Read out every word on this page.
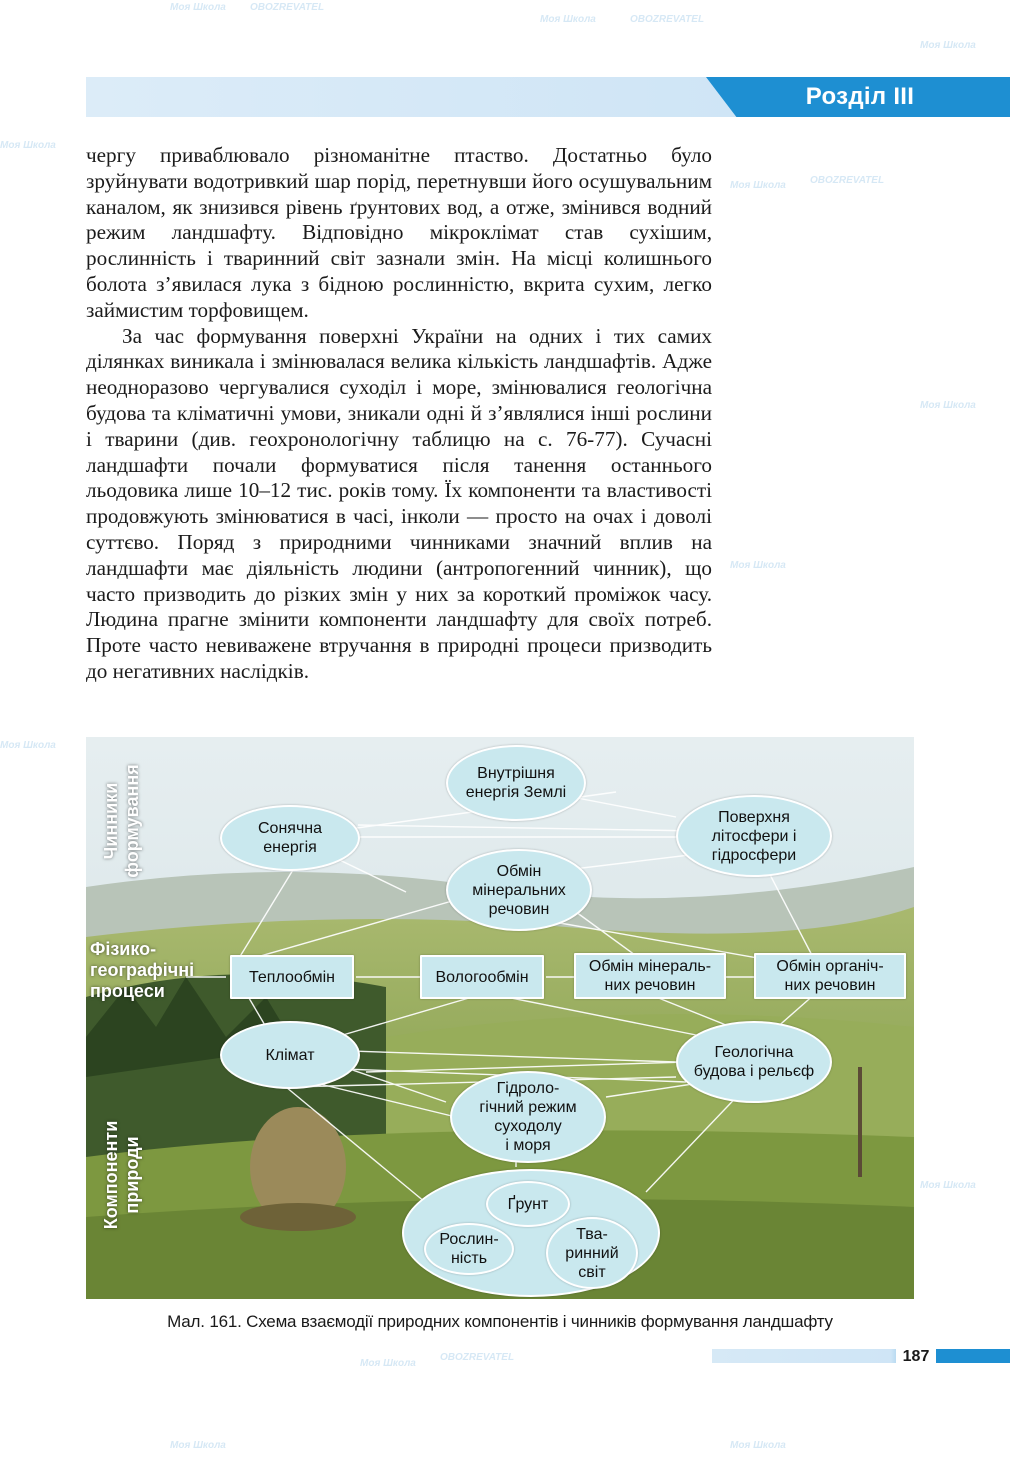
Моя Школа OBOZREVATEL
Моя Школа	OBOZREVATEL
Моя Школа
Моя Школа
Моя Школа OBOZREVATEL
Моя Школа
Моя Школа
Моя Школа
Моя Школа
Моя Школа
OBOZREVATEL
Моя Школа	Моя Школа
Розділ III

чергу приваблювало різноманітне птаство. Достатньо було зруйнувати водотривкий шар порід, перетнувши його осушувальним каналом, як знизився рівень ґрунтових вод, а отже, змінився водний режим ландшафту. Відповідно мікроклімат став сухішим, рослинність і тваринний світ зазнали змін. На місці колишнього болота з’явилася лука з бідною рослинністю, вкрита сухим, легко займистим торфовищем.

За час формування поверхні України на одних і тих самих ділянках виникала і змінювалася велика кількість ландшафтів. Адже неодноразово чергувалися суходіл і море, змінювалися геологічна будова та кліматичні умови, зникали одні й з’являлися інші рослини і тварини (див. геохронологічну таблицю на с. 76-77). Сучасні ландшафти почали формуватися після танення останнього льодовика лише 10–12 тис. років тому. Їх компоненти та властивості продовжують змінюватися в часі, інколи — просто на очах і доволі суттєво. Поряд з природними чинниками значний вплив на ландшафти має діяльність людини (антропогенний чинник), що часто призводить до різких змін у них за короткий проміжок часу. Людина прагне змінити компоненти ландшафту для своїх потреб. Проте часто невиважене втручання в природні процеси призводить до негативних наслідків.

Чинники формування
Фізико-
географічні
процеси
Компоненти природи
Внутрішня
енергія Землі
Сонячна
енергія
Поверхня
літосфери і
гідросфери
Обмін
мінеральних
речовин
Теплообмін	Вологообмін
Обмін мінераль-
них речовин
Обмін органіч-
них речовин
Клімат	Геологічна
будова і рельєф
Гідроло-
гічний режим
суходолу
і моря
Ґрунт
Рослин-
ність
Тва-
ринний
світ
Мал. 161. Схема взаємодії природних компонентів і чинників формування ландшафту
187
